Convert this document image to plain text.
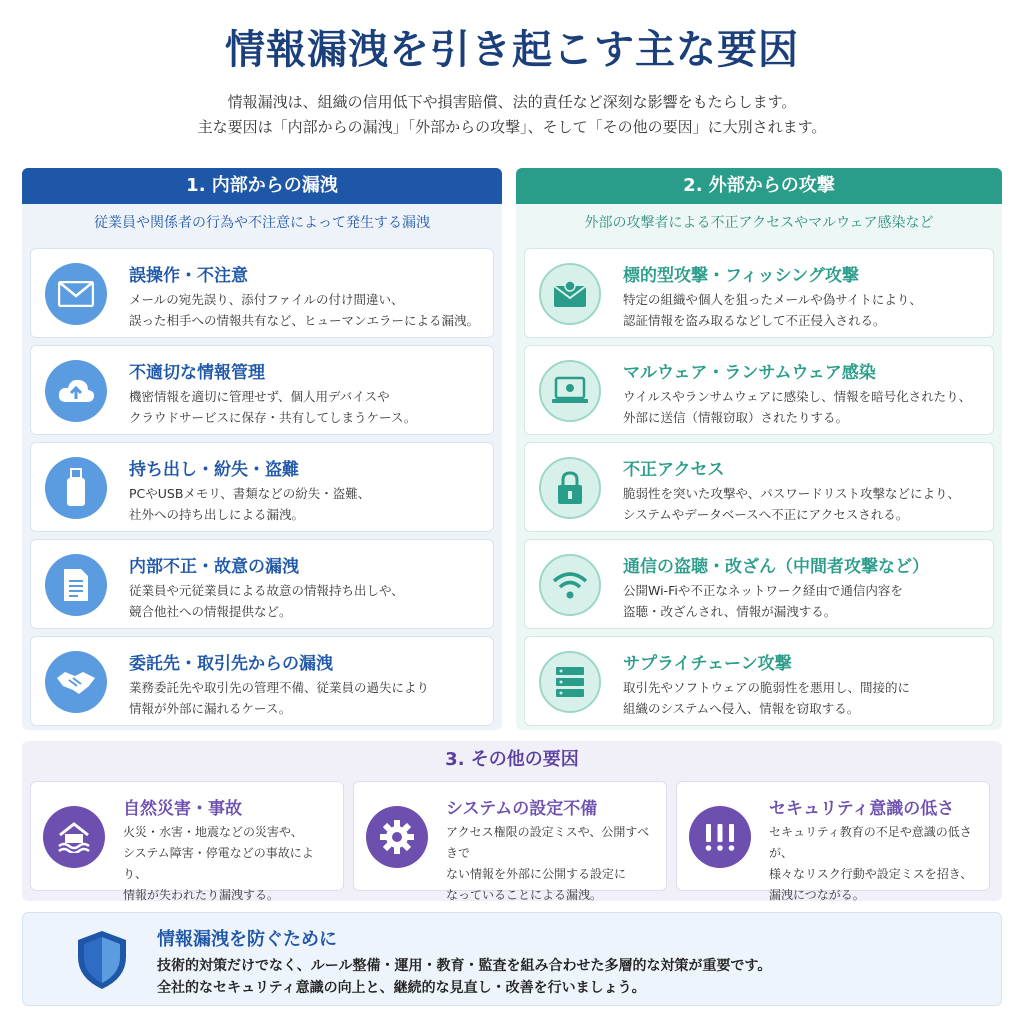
情報漏洩を引き起こす主な要因
情報漏洩は、組織の信用低下や損害賠償、法的責任など深刻な影響をもたらします。
主な要因は「内部からの漏洩」「外部からの攻撃」、そして「その他の要因」に大別されます。
1. 内部からの漏洩
従業員や関係者の行為や不注意によって発生する漏洩
誤操作・不注意
メールの宛先誤り、添付ファイルの付け間違い、
誤った相手への情報共有など、ヒューマンエラーによる漏洩。
不適切な情報管理
機密情報を適切に管理せず、個人用デバイスや
クラウドサービスに保存・共有してしまうケース。
持ち出し・紛失・盗難
PCやUSBメモリ、書類などの紛失・盗難、
社外への持ち出しによる漏洩。
内部不正・故意の漏洩
従業員や元従業員による故意の情報持ち出しや、
競合他社への情報提供など。
委託先・取引先からの漏洩
業務委託先や取引先の管理不備、従業員の過失により
情報が外部に漏れるケース。
2. 外部からの攻撃
外部の攻撃者による不正アクセスやマルウェア感染など
標的型攻撃・フィッシング攻撃
特定の組織や個人を狙ったメールや偽サイトにより、
認証情報を盗み取るなどして不正侵入される。
マルウェア・ランサムウェア感染
ウイルスやランサムウェアに感染し、情報を暗号化されたり、
外部に送信（情報窃取）されたりする。
不正アクセス
脆弱性を突いた攻撃や、パスワードリスト攻撃などにより、
システムやデータベースへ不正にアクセスされる。
通信の盗聴・改ざん（中間者攻撃など）
公開Wi-Fiや不正なネットワーク経由で通信内容を
盗聴・改ざんされ、情報が漏洩する。
サプライチェーン攻撃
取引先やソフトウェアの脆弱性を悪用し、間接的に
組織のシステムへ侵入、情報を窃取する。
3. その他の要因
自然災害・事故
火災・水害・地震などの災害や、
システム障害・停電などの事故により、
情報が失われたり漏洩する。
システムの設定不備
アクセス権限の設定ミスや、公開すべきで
ない情報を外部に公開する設定に
なっていることによる漏洩。
セキュリティ意識の低さ
セキュリティ教育の不足や意識の低さが、
様々なリスク行動や設定ミスを招き、
漏洩につながる。
情報漏洩を防ぐために
技術的対策だけでなく、ルール整備・運用・教育・監査を組み合わせた多層的な対策が重要です。
全社的なセキュリティ意識の向上と、継続的な見直し・改善を行いましょう。
